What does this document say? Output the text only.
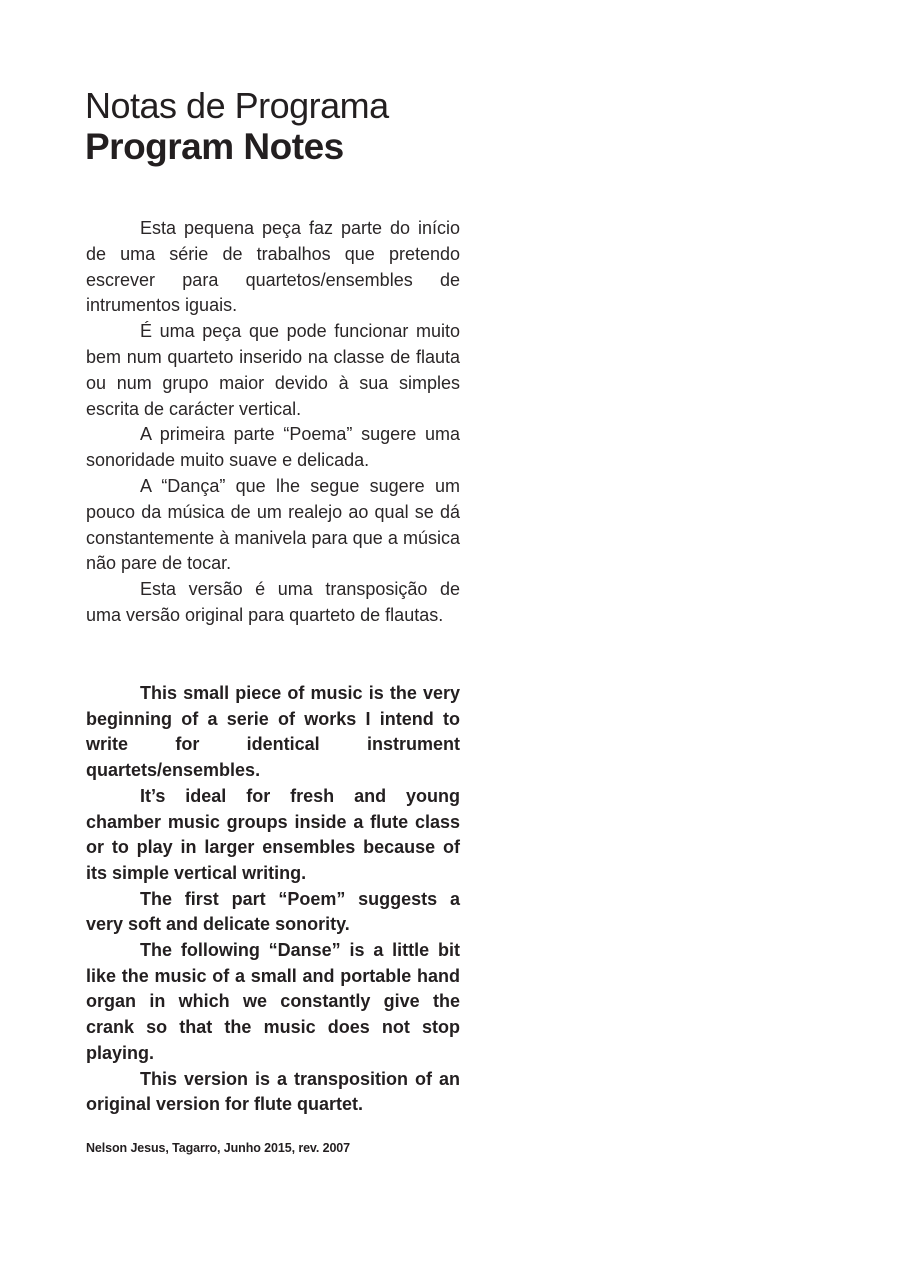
Notas de Programa
Program Notes

Esta pequena peça faz parte do início de uma série de trabalhos que pretendo escrever para quartetos/ensembles de intrumentos iguais.

É uma peça que pode funcionar muito bem num quarteto inserido na classe de flauta ou num grupo maior devido à sua simples escrita de carácter vertical.

A primeira parte “Poema” sugere uma sonoridade muito suave e delicada.

A “Dança” que lhe segue sugere um pouco da música de um realejo ao qual se dá constantemente à manivela para que a música não pare de tocar.

Esta versão é uma transposição de uma versão original para quarteto de flautas.

This small piece of music is the very beginning of a serie of works I intend to write for identical instrument quartets/ensembles.

It’s ideal for fresh and young chamber music groups inside a flute class or to play in larger ensembles because of its simple vertical writing.

The first part “Poem” suggests a very soft and delicate sonority.

The following “Danse” is a little bit like the music of a small and portable hand organ in which we constantly give the crank so that the music does not stop playing.

This version is a transposition of an original version for flute quartet.

Nelson Jesus, Tagarro, Junho 2015, rev. 2007
